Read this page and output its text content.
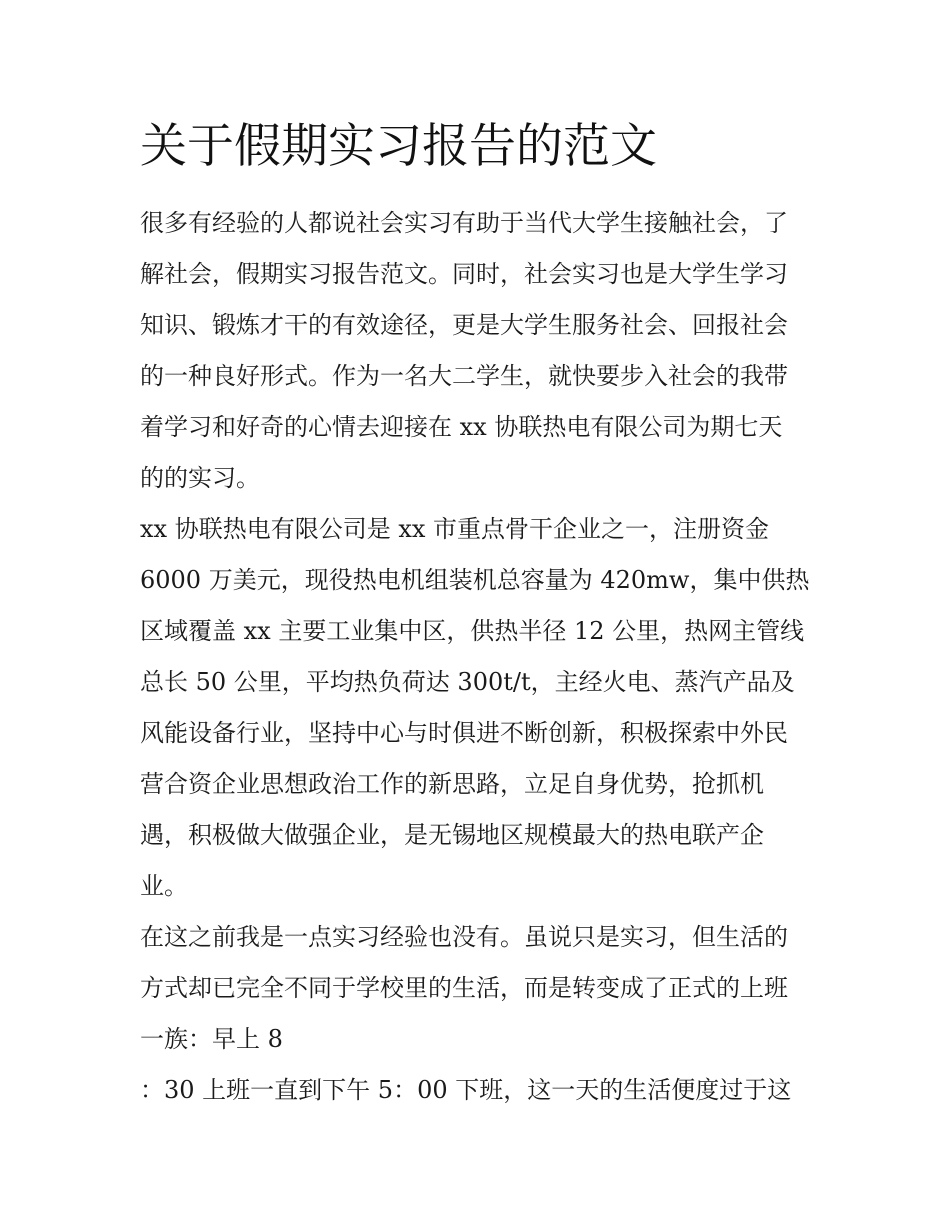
关于假期实习报告的范文
很多有经验的人都说社会实习有助于当代大学生接触社会，了
解社会，假期实习报告范文。同时，社会实习也是大学生学习
知识、锻炼才干的有效途径，更是大学生服务社会、回报社会
的一种良好形式。作为一名大二学生，就快要步入社会的我带
着学习和好奇的心情去迎接在 xx 协联热电有限公司为期七天
的的实习。
xx 协联热电有限公司是 xx 市重点骨干企业之一，注册资金
6000 万美元，现役热电机组装机总容量为 420mw，集中供热
区域覆盖 xx 主要工业集中区，供热半径 12 公里，热网主管线
总长 50 公里，平均热负荷达 300t/t，主经火电、蒸汽产品及
风能设备行业，坚持中心与时俱进不断创新，积极探索中外民
营合资企业思想政治工作的新思路，立足自身优势，抢抓机
遇，积极做大做强企业，是无锡地区规模最大的热电联产企
业。
在这之前我是一点实习经验也没有。虽说只是实习，但生活的
方式却已完全不同于学校里的生活，而是转变成了正式的上班
一族：早上 8
：30 上班一直到下午 5：00 下班，这一天的生活便度过于这
